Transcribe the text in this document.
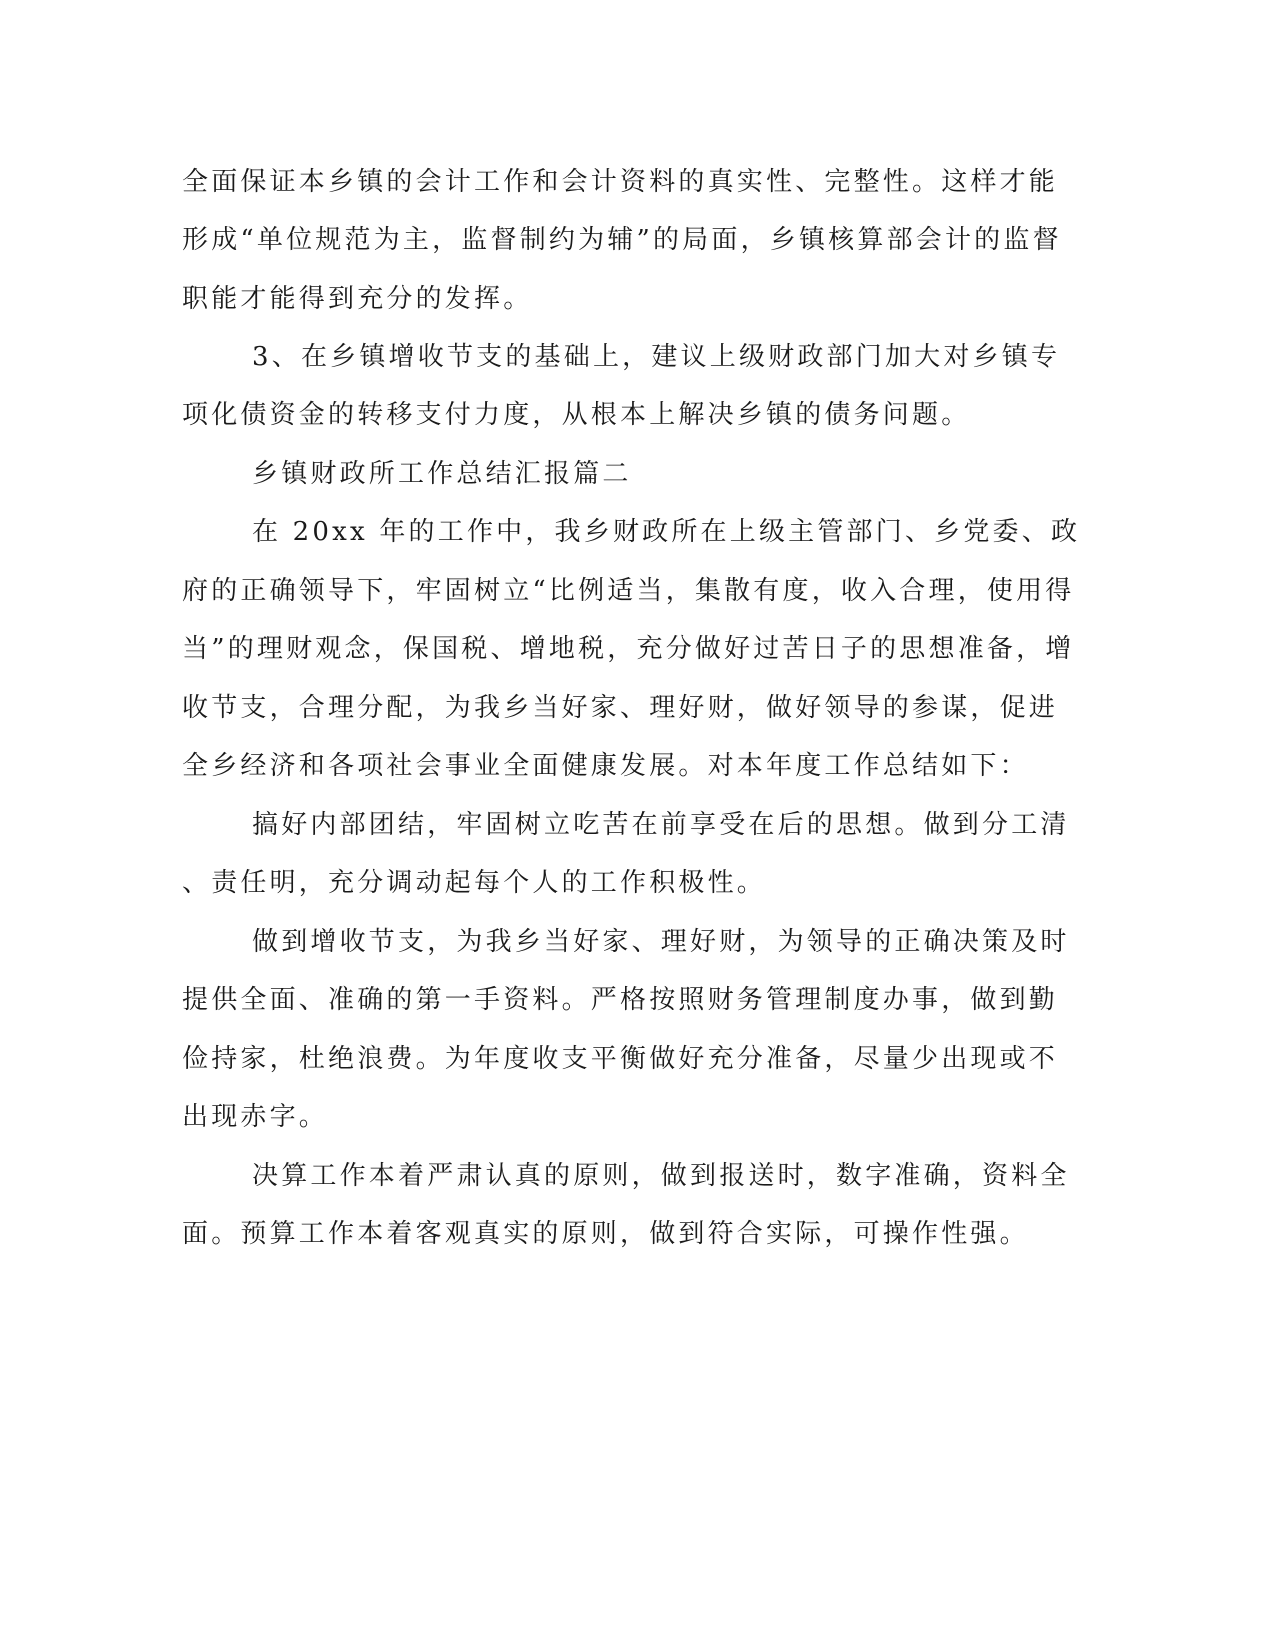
全面保证本乡镇的会计工作和会计资料的真实性、完整性。这样才能

形成“单位规范为主，监督制约为辅”的局面，乡镇核算部会计的监督

职能才能得到充分的发挥。

3、在乡镇增收节支的基础上，建议上级财政部门加大对乡镇专

项化债资金的转移支付力度，从根本上解决乡镇的债务问题。

乡镇财政所工作总结汇报篇二

在 20xx 年的工作中，我乡财政所在上级主管部门、乡党委、政

府的正确领导下，牢固树立“比例适当，集散有度，收入合理，使用得

当”的理财观念，保国税、增地税，充分做好过苦日子的思想准备，增

收节支，合理分配，为我乡当好家、理好财，做好领导的参谋，促进

全乡经济和各项社会事业全面健康发展。对本年度工作总结如下：

搞好内部团结，牢固树立吃苦在前享受在后的思想。做到分工清

、责任明，充分调动起每个人的工作积极性。

做到增收节支，为我乡当好家、理好财，为领导的正确决策及时

提供全面、准确的第一手资料。严格按照财务管理制度办事，做到勤

俭持家，杜绝浪费。为年度收支平衡做好充分准备，尽量少出现或不

出现赤字。

决算工作本着严肃认真的原则，做到报送时，数字准确，资料全

面。预算工作本着客观真实的原则，做到符合实际，可操作性强。
